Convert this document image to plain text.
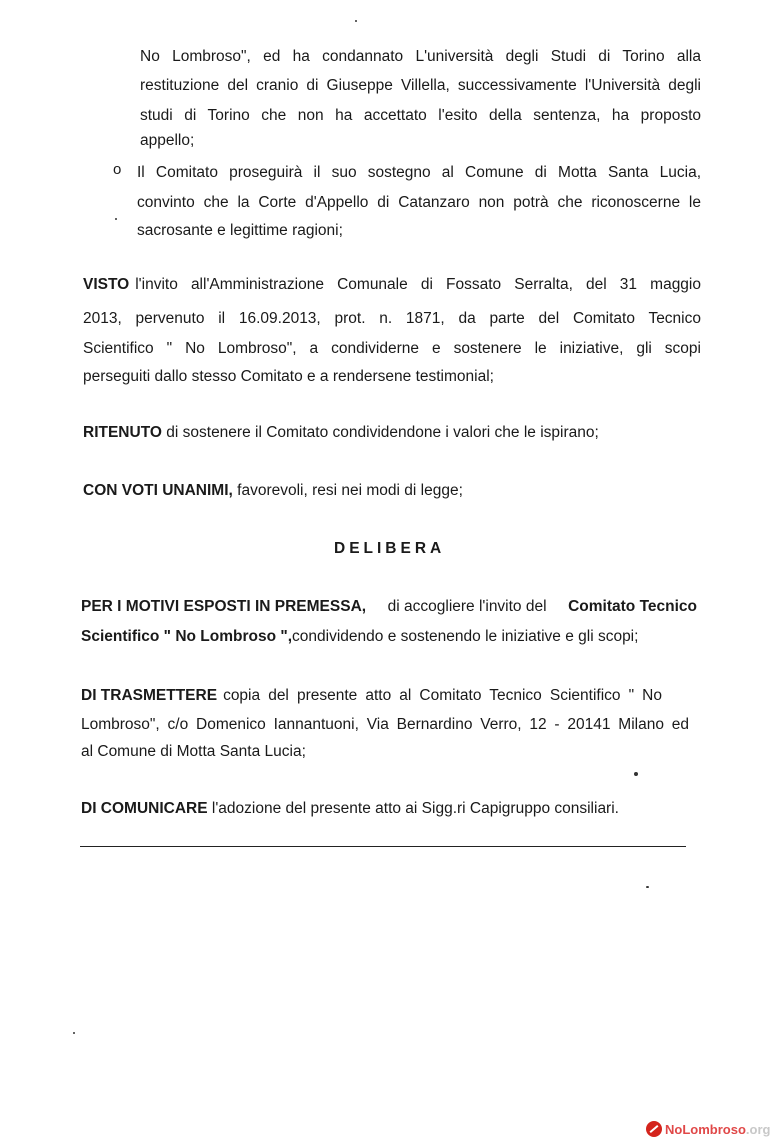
No Lombroso", ed ha condannato L'università degli Studi di Torino alla
restituzione del cranio di Giuseppe Villella, successivamente l'Università degli
studi di Torino che non ha accettato l'esito della sentenza, ha proposto
appello;
o Il Comitato proseguirà il suo sostegno al Comune di Motta Santa Lucia,
convinto che la Corte d'Appello di Catanzaro non potrà che riconoscerne le
sacrosante e legittime ragioni;
VISTO l'invito all'Amministrazione Comunale di Fossato Serralta, del 31 maggio
2013, pervenuto il 16.09.2013, prot. n. 1871, da parte del Comitato Tecnico
Scientifico " No Lombroso", a condividerne e sostenere le iniziative, gli scopi
perseguiti dallo stesso Comitato e a rendersene testimonial;
RITENUTO di sostenere il Comitato condividendone i valori che le ispirano;
CON VOTI UNANIMI, favorevoli, resi nei modi di legge;
DELIBERA
PER I MOTIVI ESPOSTI IN PREMESSA, di accogliere l'invito del Comitato Tecnico
Scientifico " No Lombroso ",condividendo e sostenendo le iniziative e gli scopi;
DI TRASMETTERE copia del presente atto al Comitato Tecnico Scientifico " No
Lombroso", c/o Domenico Iannantuoni, Via Bernardino Verro, 12 - 20141 Milano ed
al Comune di Motta Santa Lucia;
DI COMUNICARE l'adozione del presente atto ai Sigg.ri Capigruppo consiliari.
NoLombroso.org
